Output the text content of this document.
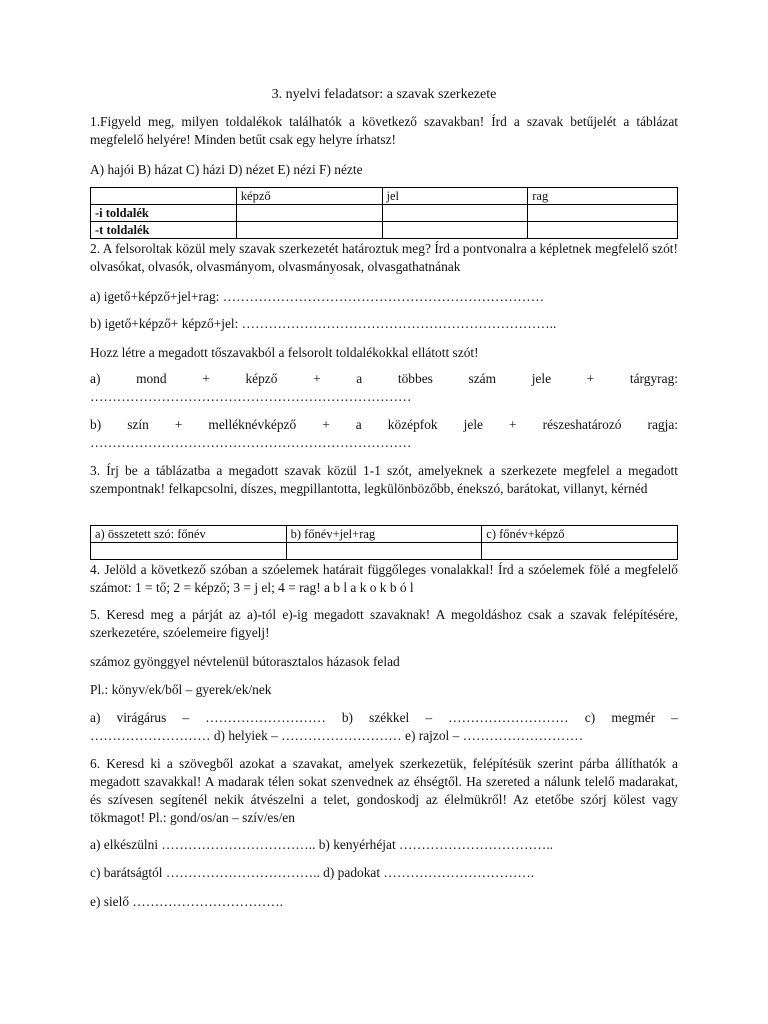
3. nyelvi feladatsor: a szavak szerkezete
1.Figyeld meg, milyen toldalékok találhatók a következő szavakban! Írd a szavak betűjelét a táblázat megfelelő helyére! Minden betűt csak egy helyre írhatsz!
A) hajói B) házat C) házi D) nézet E) nézi F) nézte
	képző	jel	rag
-i toldalék			
-t toldalék			
2. A felsoroltak közül mely szavak szerkezetét határoztuk meg? Írd a pontvonalra a képletnek megfelelő szót! olvasókat, olvasók, olvasmányom, olvasmányosak, olvasgathatnának
a) igető+képző+jel+rag: ………………………………………………………………
b) igető+képző+ képző+jel: ……………………………………………………………..
Hozz létre a megadott tőszavakból a felsorolt toldalékokkal ellátott szót!
a) mond + képző + a többes szám jele + tárgyrag:
………………………………………………………………
b) szín + melléknévképző + a középfok jele + részeshatározó ragja:
………………………………………………………………
3. Írj be a táblázatba a megadott szavak közül 1-1 szót, amelyeknek a szerkezete megfelel a megadott szempontnak! felkapcsolni, díszes, megpillantotta, legkülönbözőbb, énekszó, barátokat, villanyt, kérnéd
a) összetett szó: főnév	b) főnév+jel+rag	c) főnév+képző

4. Jelöld a következő szóban a szóelemek határait függőleges vonalakkal! Írd a szóelemek fölé a megfelelő számot: 1 = tő; 2 = képző; 3 = j el; 4 = rag! a b l a k o k b ó l
5. Keresd meg a párját az a)-tól e)-ig megadott szavaknak! A megoldáshoz csak a szavak felépítésére, szerkezetére, szóelemeire figyelj!
számoz gyönggyel névtelenül bútorasztalos házasok felad
Pl.: könyv/ek/ből – gyerek/ek/nek
a) virágárus – ……………………… b) székkel – ……………………… c) megmér –
……………………… d) helyiek – ……………………… e) rajzol – ………………………
6. Keresd ki a szövegből azokat a szavakat, amelyek szerkezetük, felépítésük szerint párba állíthatók a megadott szavakkal! A madarak télen sokat szenvednek az éhségtől. Ha szereted a nálunk telelő madarakat, és szívesen segítenél nekik átvészelni a telet, gondoskodj az élelmükről! Az etetőbe szórj kölest vagy tökmagot! Pl.: gond/os/an – szív/es/en
a) elkészülni …………………………….. b) kenyérhéjat ……………………………..
c) barátságtól …………………………….. d) padokat …………………………….
e) sielő …………………………….
